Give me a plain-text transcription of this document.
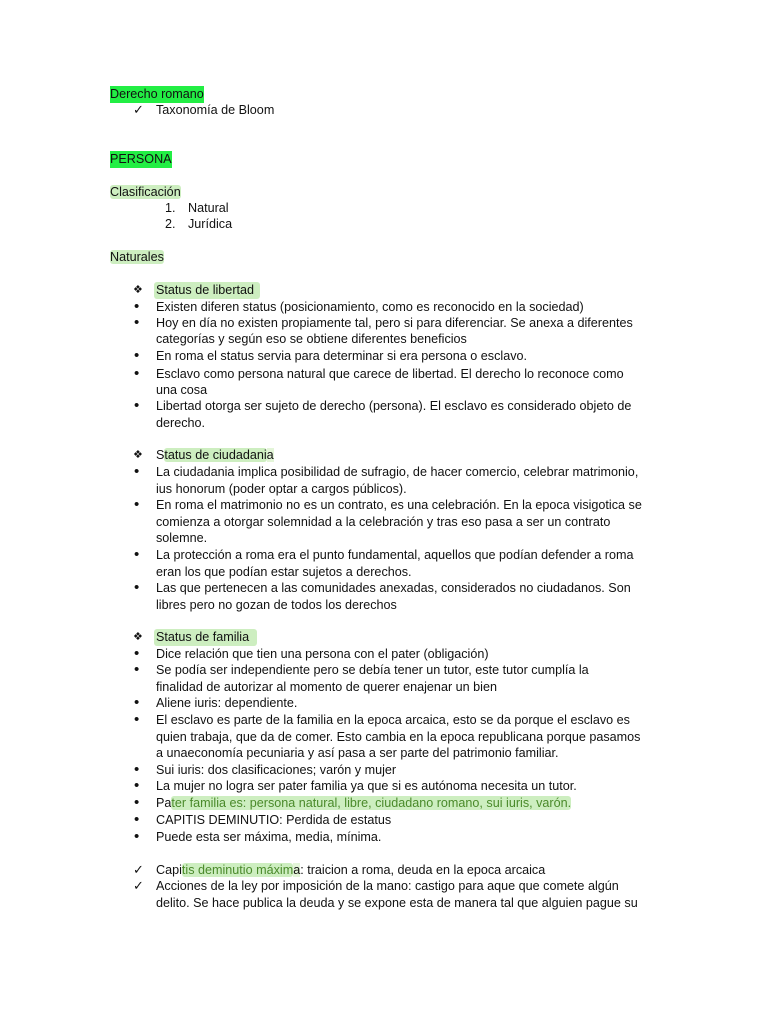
Derecho romano
✓ Taxonomía de Bloom
PERSONA
Clasificación
1. Natural
2. Jurídica
Naturales
❖ Status de libertad
• Existen diferen status (posicionamiento, como es reconocido en la sociedad)
• Hoy en día no existen propiamente tal, pero si para diferenciar. Se anexa a diferentes
categorías y según eso se obtiene diferentes beneficios
• En roma el status servia para determinar si era persona o esclavo.
• Esclavo como persona natural que carece de libertad. El derecho lo reconoce como
una cosa
• Libertad otorga ser sujeto de derecho (persona). El esclavo es considerado objeto de
derecho.
❖ Status de ciudadania
• La ciudadania implica posibilidad de sufragio, de hacer comercio, celebrar matrimonio,
ius honorum (poder optar a cargos públicos).
• En roma el matrimonio no es un contrato, es una celebración. En la epoca visigotica se
comienza a otorgar solemnidad a la celebración y tras eso pasa a ser un contrato
solemne.
• La protección a roma era el punto fundamental, aquellos que podían defender a roma
eran los que podían estar sujetos a derechos.
• Las que pertenecen a las comunidades anexadas, considerados no ciudadanos. Son
libres pero no gozan de todos los derechos
❖ Status de familia
• Dice relación que tien una persona con el pater (obligación)
• Se podía ser independiente pero se debía tener un tutor, este tutor cumplía la
finalidad de autorizar al momento de querer enajenar un bien
• Aliene iuris: dependiente.
• El esclavo es parte de la familia en la epoca arcaica, esto se da porque el esclavo es
quien trabaja, que da de comer. Esto cambia en la epoca republicana porque pasamos
a unaeconomía pecuniaria y así pasa a ser parte del patrimonio familiar.
• Sui iuris: dos clasificaciones; varón y mujer
• La mujer no logra ser pater familia ya que si es autónoma necesita un tutor.
• Pater familia es: persona natural, libre, ciudadano romano, sui iuris, varón.
• CAPITIS DEMINUTIO: Perdida de estatus
• Puede esta ser máxima, media, mínima.
✓ Capitis deminutio máxima: traicion a roma, deuda en la epoca arcaica
✓ Acciones de la ley por imposición de la mano: castigo para aque que comete algún
delito. Se hace publica la deuda y se expone esta de manera tal que alguien pague su
